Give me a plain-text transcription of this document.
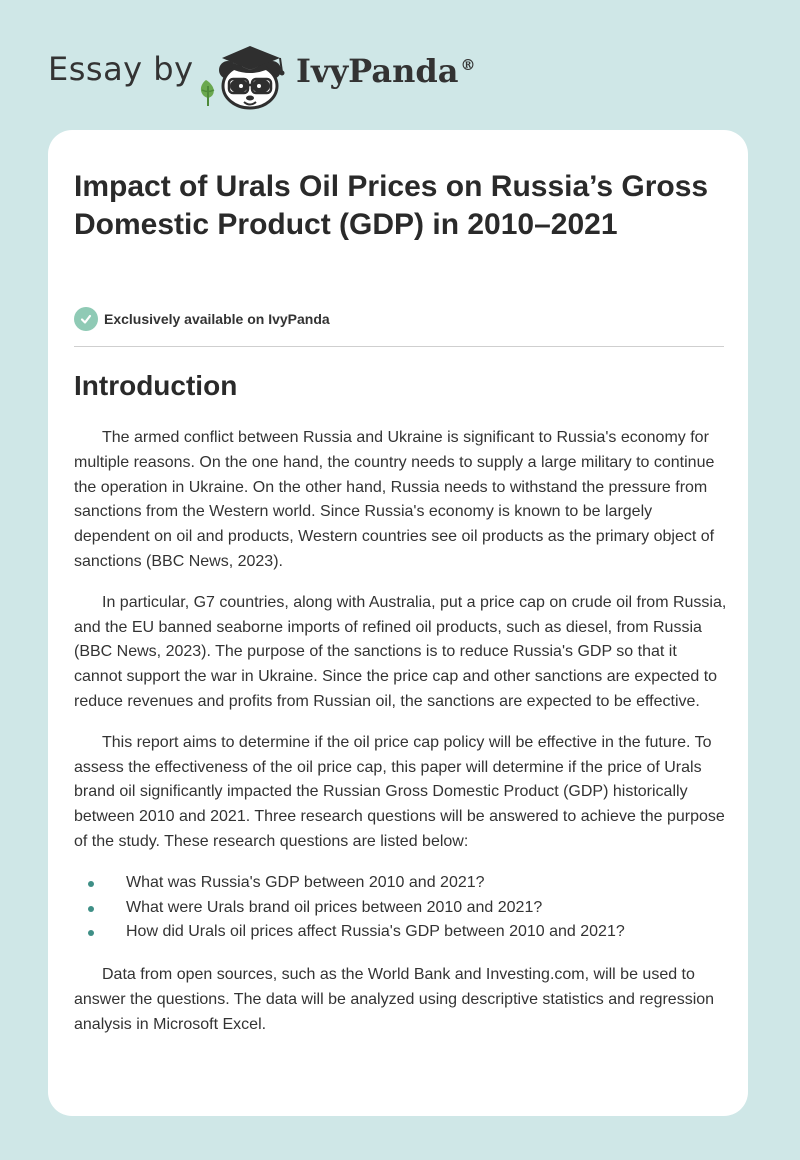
Essay by	IvyPanda ®
Impact of Urals Oil Prices on Russia’s Gross Domestic Product (GDP) in 2010–2021
Exclusively available on IvyPanda
Introduction

The armed conflict between Russia and Ukraine is significant to Russia's economy for multiple reasons. On the one hand, the country needs to supply a large military to continue the operation in Ukraine. On the other hand, Russia needs to withstand the pressure from sanctions from the Western world. Since Russia's economy is known to be largely dependent on oil and products, Western countries see oil products as the primary object of sanctions (BBC News, 2023).

In particular, G7 countries, along with Australia, put a price cap on crude oil from Russia, and the EU banned seaborne imports of refined oil products, such as diesel, from Russia (BBC News, 2023). The purpose of the sanctions is to reduce Russia's GDP so that it cannot support the war in Ukraine. Since the price cap and other sanctions are expected to reduce revenues and profits from Russian oil, the sanctions are expected to be effective.

This report aims to determine if the oil price cap policy will be effective in the future. To assess the effectiveness of the oil price cap, this paper will determine if the price of Urals brand oil significantly impacted the Russian Gross Domestic Product (GDP) historically between 2010 and 2021. Three research questions will be answered to achieve the purpose of the study. These research questions are listed below:

What was Russia's GDP between 2010 and 2021?
What were Urals brand oil prices between 2010 and 2021?
How did Urals oil prices affect Russia's GDP between 2010 and 2021?

Data from open sources, such as the World Bank and Investing.com, will be used to answer the questions. The data will be analyzed using descriptive statistics and regression analysis in Microsoft Excel.
